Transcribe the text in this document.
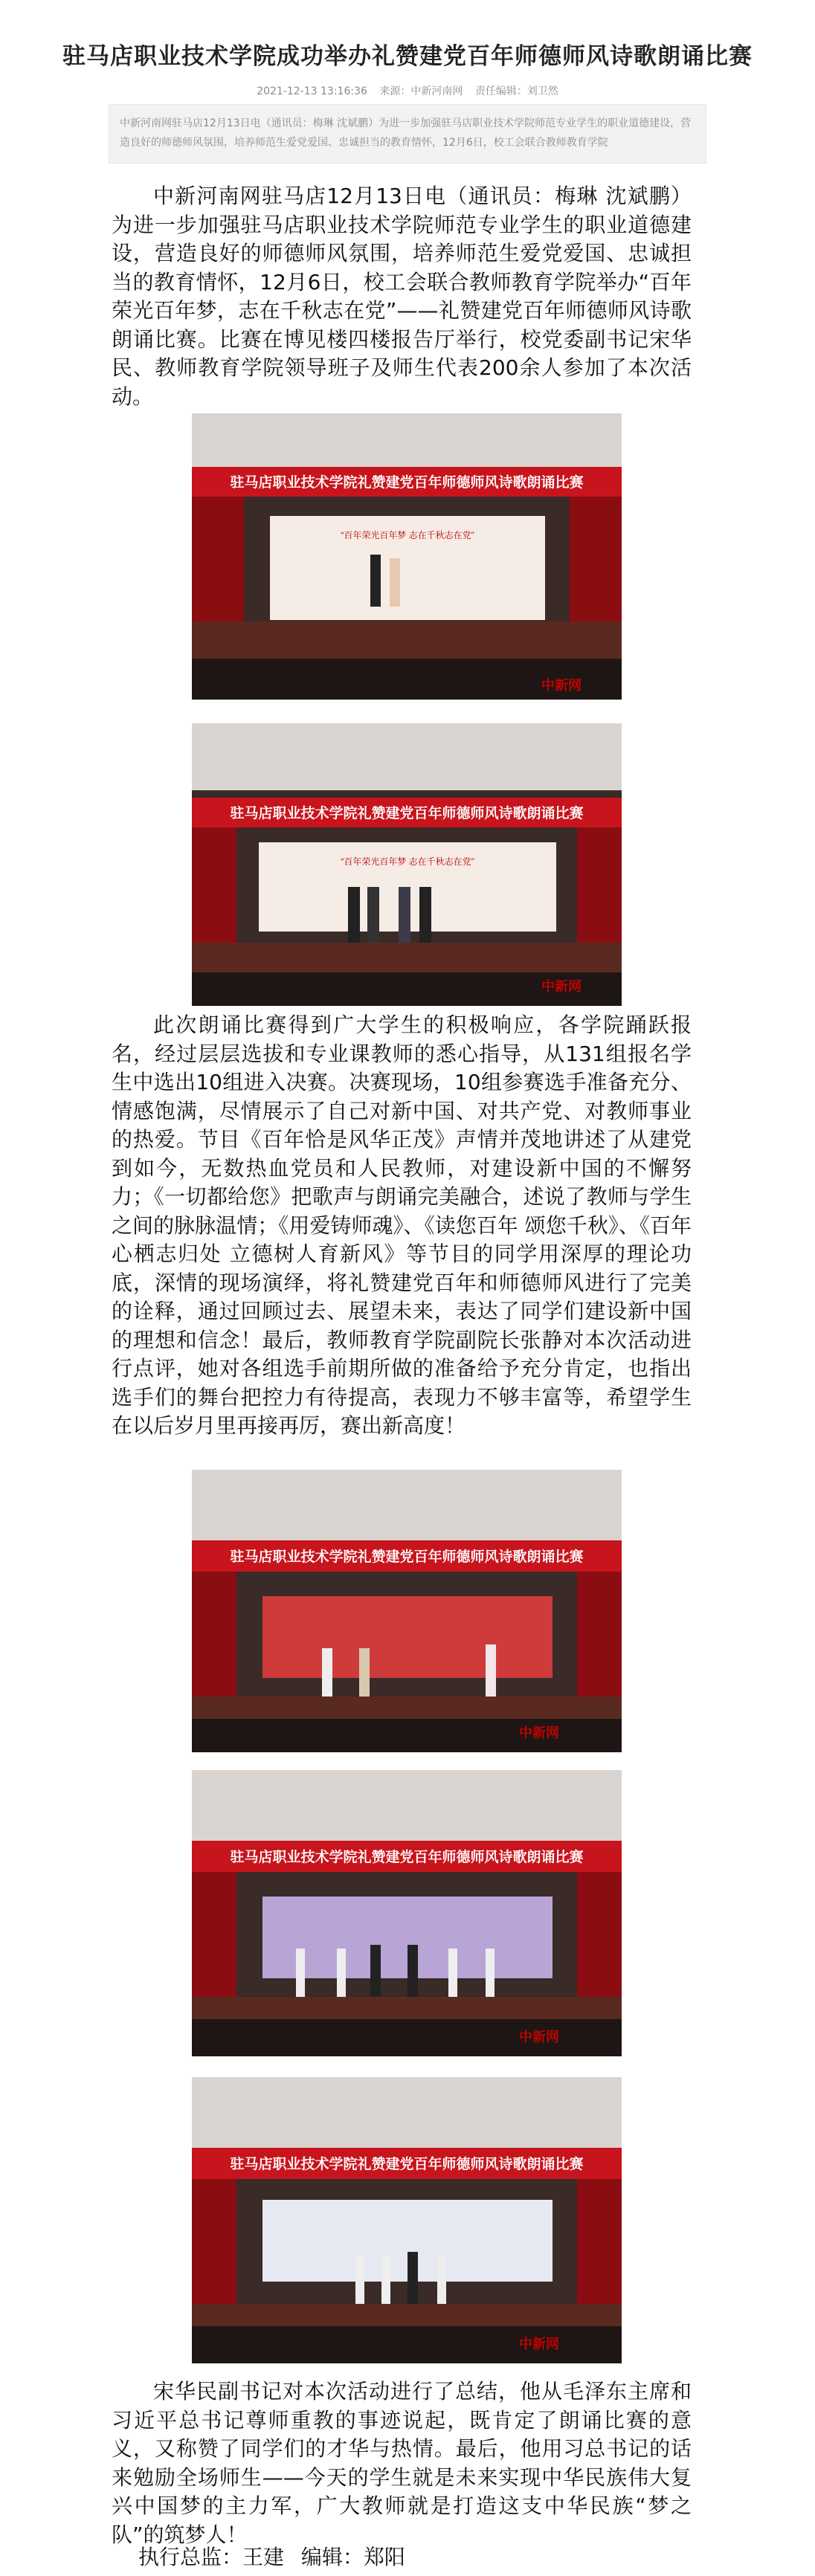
驻马店职业技术学院成功举办礼赞建党百年师德师风诗歌朗诵比赛
2021-12-13 13:16:36 来源：中新河南网 责任编辑：刘卫然
中新河南网驻马店12月13日电（通讯员：梅琳 沈斌鹏）为进一步加强驻马店职业技术学院师范专业学生的职业道德建设，营造良好的师德师风氛围，培养师范生爱党爱国、忠诚担当的教育情怀，12月6日，校工会联合教师教育学院
中新河南网驻马店12月13日电（通讯员：梅琳 沈斌鹏）为进一步加强驻马店职业技术学院师范专业学生的职业道德建设，营造良好的师德师风氛围，培养师范生爱党爱国、忠诚担当的教育情怀，12月6日，校工会联合教师教育学院举办“百年荣光百年梦，志在千秋志在党”——礼赞建党百年师德师风诗歌朗诵比赛。比赛在博见楼四楼报告厅举行，校党委副书记宋华民、教师教育学院领导班子及师生代表200余人参加了本次活动。
驻马店职业技术学院礼赞建党百年师德师风诗歌朗诵比赛
“百年荣光百年梦 志在千秋志在党”
中新网
驻马店职业技术学院礼赞建党百年师德师风诗歌朗诵比赛
“百年荣光百年梦 志在千秋志在党”
中新网
此次朗诵比赛得到广大学生的积极响应，各学院踊跃报名，经过层层选拔和专业课教师的悉心指导，从131组报名学生中选出10组进入决赛。决赛现场，10组参赛选手准备充分、情感饱满，尽情展示了自己对新中国、对共产党、对教师事业的热爱。节目《百年恰是风华正茂》声情并茂地讲述了从建党到如今，无数热血党员和人民教师，对建设新中国的不懈努力；《一切都给您》把歌声与朗诵完美融合，述说了教师与学生之间的脉脉温情；《用爱铸师魂》、《读您百年 颂您千秋》、《百年心栖志归处 立德树人育新风》等节目的同学用深厚的理论功底，深情的现场演绎，将礼赞建党百年和师德师风进行了完美的诠释，通过回顾过去、展望未来，表达了同学们建设新中国的理想和信念！最后，教师教育学院副院长张静对本次活动进行点评，她对各组选手前期所做的准备给予充分肯定，也指出选手们的舞台把控力有待提高，表现力不够丰富等，希望学生在以后岁月里再接再厉，赛出新高度！
驻马店职业技术学院礼赞建党百年师德师风诗歌朗诵比赛
中新网
驻马店职业技术学院礼赞建党百年师德师风诗歌朗诵比赛
中新网
驻马店职业技术学院礼赞建党百年师德师风诗歌朗诵比赛
中新网
宋华民副书记对本次活动进行了总结，他从毛泽东主席和习近平总书记尊师重教的事迹说起，既肯定了朗诵比赛的意义，又称赞了同学们的才华与热情。最后，他用习总书记的话来勉励全场师生——今天的学生就是未来实现中华民族伟大复兴中国梦的主力军，广大教师就是打造这支中华民族“梦之队”的筑梦人！
执行总监：王建 编辑：郑阳
